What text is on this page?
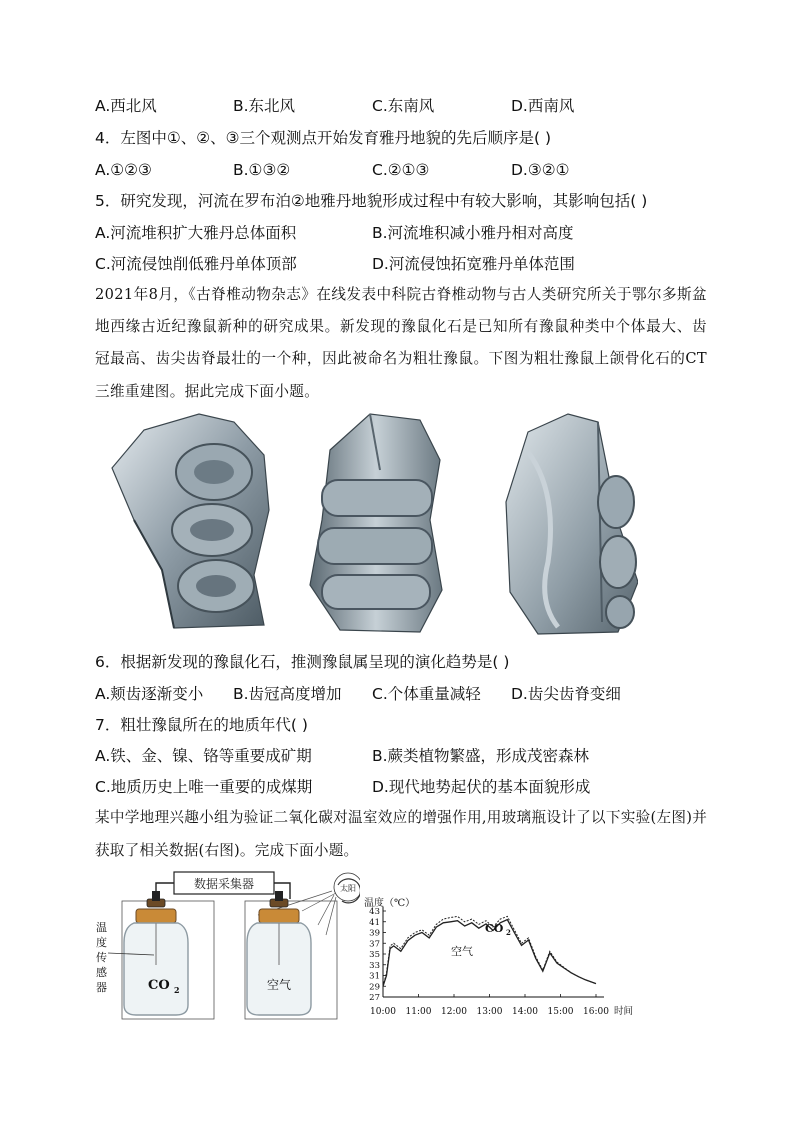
A.西北风	B.东北风	C.东南风	D.西南风
4．左图中①、②、③三个观测点开始发育雅丹地貌的先后顺序是( )
A.①②③	B.①③②	C.②①③	D.③②①
5．研究发现，河流在罗布泊②地雅丹地貌形成过程中有较大影响，其影响包括( )
A.河流堆积扩大雅丹总体面积	B.河流堆积减小雅丹相对高度
C.河流侵蚀削低雅丹单体顶部	D.河流侵蚀拓宽雅丹单体范围
2021年8月，《古脊椎动物杂志》在线发表中科院古脊椎动物与古人类研究所关于鄂尔多斯盆地西缘古近纪豫鼠新种的研究成果。新发现的豫鼠化石是已知所有豫鼠种类中个体最大、齿冠最高、齿尖齿脊最壮的一个种，因此被命名为粗壮豫鼠。下图为粗壮豫鼠上颌骨化石的CT三维重建图。据此完成下面小题。
6．根据新发现的豫鼠化石，推测豫鼠属呈现的演化趋势是( )
A.颊齿逐渐变小 B.齿冠高度增加 C.个体重量减轻 D.齿尖齿脊变细
7．粗壮豫鼠所在的地质年代( )
A.铁、金、镍、铬等重要成矿期	B.蕨类植物繁盛，形成茂密森林
C.地质历史上唯一重要的成煤期	D.现代地势起伏的基本面貌形成
某中学地理兴趣小组为验证二氧化碳对温室效应的增强作用,用玻璃瓶设计了以下实验(左图)并获取了相关数据(右图)。完成下面小题。
数据采集器	太阳
CO 2	空气
温
度
传
感
器
温度（℃）
时间
27
29
31
33
35
37
39
41
43
10:00 11:00 12:00 13:00 14:00 15:00 16:00
CO 2
空气
